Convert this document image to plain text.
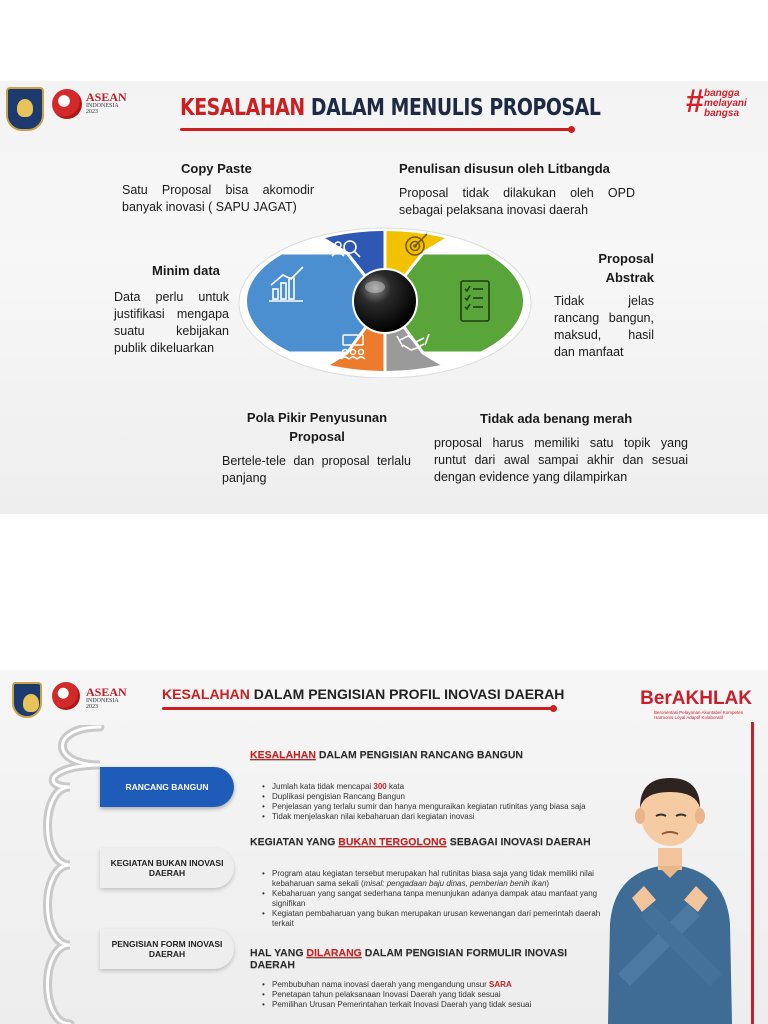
ASEAN
INDONESIA
2023	KESALAHAN DALAM MENULIS PROPOSAL	# bangga
melayani
bangsa
Copy Paste
Satu Proposal bisa akomodir banyak inovasi ( SAPU JAGAT)
Penulisan disusun oleh Litbangda
Proposal tidak dilakukan oleh OPD sebagai pelaksana inovasi daerah
Minim data
Data perlu untuk justifikasi mengapa suatu kebijakan publik dikeluarkan
Proposal
Abstrak
Tidak jelas rancang bangun, maksud, hasil dan manfaat
Pola Pikir Penyusunan
Proposal
Bertele-tele dan proposal terlalu panjang
Tidak ada benang merah
proposal harus memiliki satu topik yang runtut dari awal sampai akhir dan sesuai dengan evidence yang dilampirkan
ASEAN
INDONESIA
2023
KESALAHAN DALAM PENGISIAN PROFIL INOVASI DAERAH	BerAKHLAK
Berorientasi Pelayanan Akuntabel Kompeten Harmonis Loyal Adaptif Kolaboratif
RANCANG BANGUN
KEGIATAN BUKAN INOVASI DAERAH
PENGISIAN FORM INOVASI DAERAH
KESALAHAN DALAM PENGISIAN RANCANG BANGUN
• Jumlah kata tidak mencapai 300 kata
• Duplikasi pengisian Rancang Bangun
• Penjelasan yang terlalu sumir dan hanya menguraikan kegiatan rutinitas yang biasa saja
• Tidak menjelaskan nilai kebaharuan dari kegiatan inovasi
KEGIATAN YANG BUKAN TERGOLONG SEBAGAI INOVASI DAERAH
• Program atau kegiatan tersebut merupakan hal rutinitas biasa saja yang tidak memiliki nilai kebaharuan sama sekali (misal: pengadaan baju dinas, pemberian benih ikan)
• Kebaharuan yang sangat sederhana tanpa menunjukan adanya dampak atau manfaat yang signifikan
• Kegiatan pembaharuan yang bukan merupakan urusan kewenangan dari pemerintah daerah terkait
HAL YANG DILARANG DALAM PENGISIAN FORMULIR INOVASI DAERAH
• Pembubuhan nama inovasi daerah yang mengandung unsur SARA
• Penetapan tahun pelaksanaan Inovasi Daerah yang tidak sesuai
• Pemilihan Urusan Pemerintahan terkait Inovasi Daerah yang tidak sesuai
